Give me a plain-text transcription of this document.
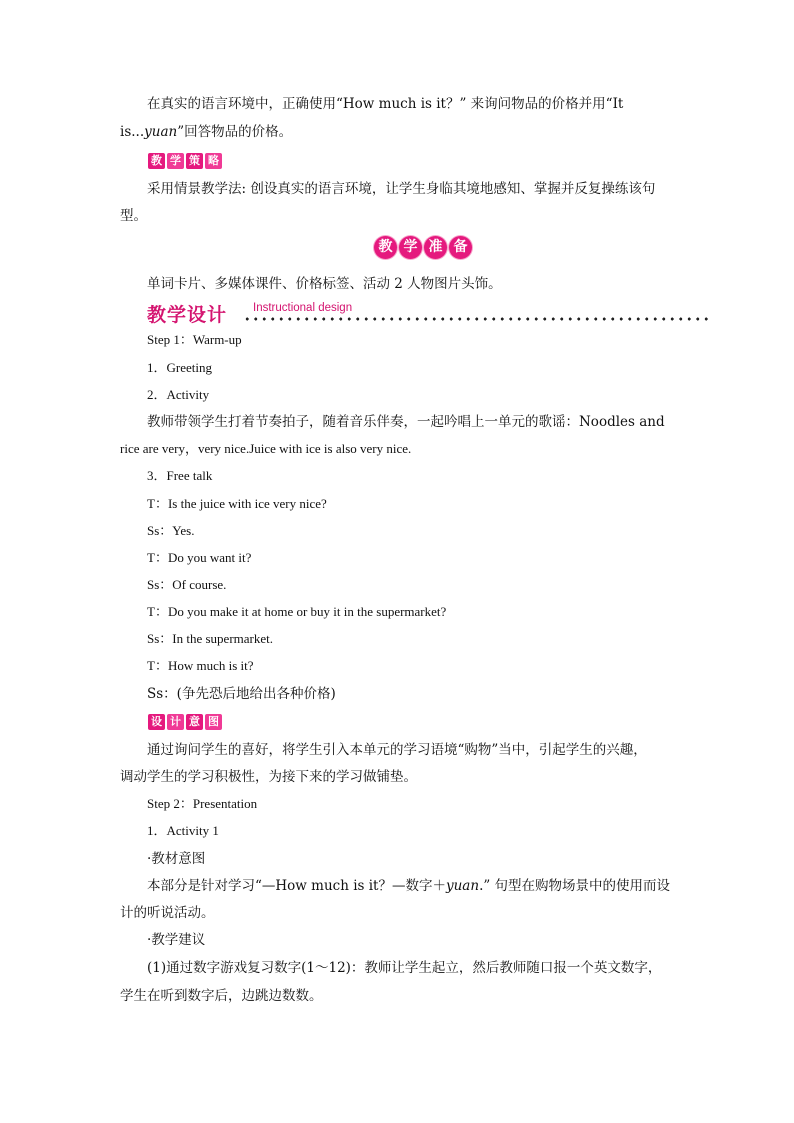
在真实的语言环境中，正确使用“How much is it？” 来询问物品的价格并用“It
is...yuan”回答物品的价格。
教 学 策 略
采用情景教学法: 创设真实的语言环境，让学生身临其境地感知、掌握并反复操练该句
型。
教 学 准 备
单词卡片、多媒体课件、价格标签、活动 2 人物图片头饰。
教学设计 Instructional design
Step 1：Warm-up
1．Greeting
2．Activity
教师带领学生打着节奏拍子，随着音乐伴奏，一起吟唱上一单元的歌谣：Noodles and
rice are very，very nice.Juice with ice is also very nice.
3．Free talk
T：Is the juice with ice very nice?
Ss：Yes.
T：Do you want it?
Ss：Of course.
T：Do you make it at home or buy it in the supermarket?
Ss：In the supermarket.
T：How much is it?
Ss：(争先恐后地给出各种价格)
设 计 意 图
通过询问学生的喜好，将学生引入本单元的学习语境“购物”当中，引起学生的兴趣，
调动学生的学习积极性，为接下来的学习做铺垫。
Step 2：Presentation
1．Activity 1
·教材意图
本部分是针对学习“—How much is it？—数字＋yuan.” 句型在购物场景中的使用而设
计的听说活动。
·教学建议
(1)通过数字游戏复习数字(1～12)：教师让学生起立，然后教师随口报一个英文数字，
学生在听到数字后，边跳边数数。
